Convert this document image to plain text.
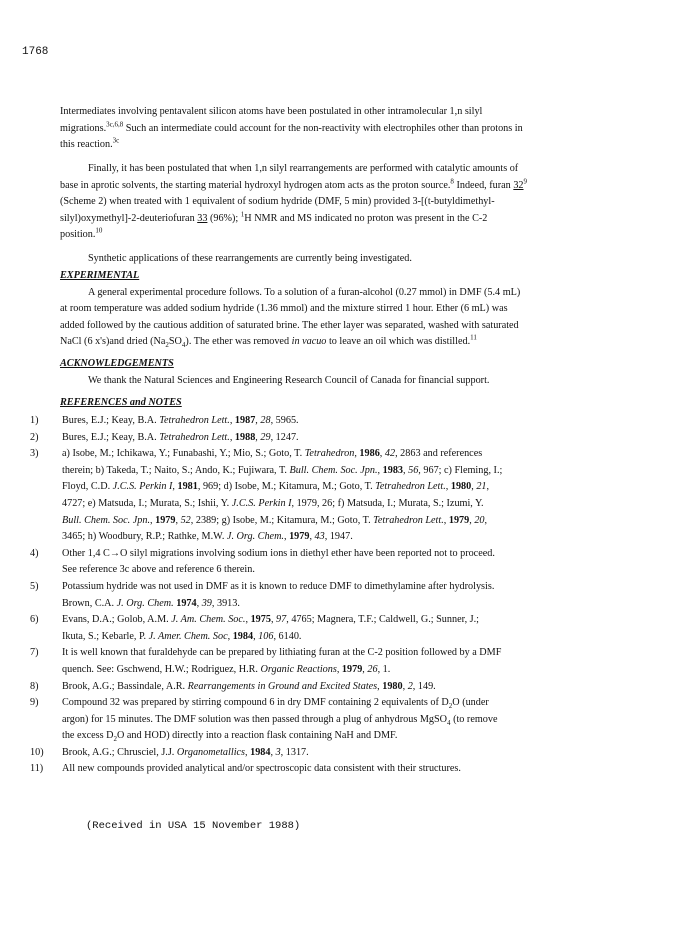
1768

Intermediates involving pentavalent silicon atoms have been postulated in other intramolecular 1,n silyl

migrations.$^{3c,6,8}$ Such an intermediate could account for the non-reactivity with electrophiles other than protons in

this reaction.$^{3c}$

Finally, it has been postulated that when 1,n silyl rearrangements are performed with catalytic amounts of

base in aprotic solvents, the starting material hydroxyl hydrogen atom acts as the proton source.$^8$ Indeed, furan $32^9$

(Scheme 2) when treated with 1 equivalent of sodium hydride (DMF, 5 min) provided 3-[(t-butyldimethyl-

silyl)oxymethyl]-2-deuteriofuran 33 (96%); $^1$H NMR and MS indicated no proton was present in the C-2

position.$^{10}$

Synthetic applications of these rearrangements are currently being investigated.

EXPERIMENTAL

A general experimental procedure follows. To a solution of a furan-alcohol (0.27 mmol) in DMF (5.4 mL)

at room temperature was added sodium hydride (1.36 mmol) and the mixture stirred 1 hour. Ether (6 mL) was

added followed by the cautious addition of saturated brine. The ether layer was separated, washed with saturated

NaCl (6 x's)and dried $(Na_2SO_4)$. The ether was removed in vacuo to leave an oil which was distilled.$^{11}$

ACKNOWLEDGEMENTS

We thank the Natural Sciences and Engineering Research Council of Canada for financial support.

REFERENCES and NOTES

1)	Bures, E.J.; Keay, B.A. Tetrahedron Lett., 1987, 28, 5965.
2)	Bures, E.J.; Keay, B.A. Tetrahedron Lett., 1988, 29, 1247.
3)	a) Isobe, M.; Ichikawa, Y.; Funabashi, Y.; Mio, S.; Goto, T. Tetrahedron, 1986, 42, 2863 and references
therein; b) Takeda, T.; Naito, S.; Ando, K.; Fujiwara, T. Bull. Chem. Soc. Jpn., 1983, 56, 967; c) Fleming, I.;
Floyd, C.D. J.C.S. Perkin I, 1981, 969; d) Isobe, M.; Kitamura, M.; Goto, T. Tetrahedron Lett., 1980, 21,
4727; e) Matsuda, I.; Murata, S.; Ishii, Y. J.C.S. Perkin I, 1979, 26; f) Matsuda, I.; Murata, S.; Izumi, Y.
Bull. Chem. Soc. Jpn., 1979, 52, 2389; g) Isobe, M.; Kitamura, M.; Goto, T. Tetrahedron Lett., 1979, 20,
3465; h) Woodbury, R.P.; Rathke, M.W. J. Org. Chem., 1979, 43, 1947.
4)	Other 1,4 C→O silyl migrations involving sodium ions in diethyl ether have been reported not to proceed.
See reference 3c above and reference 6 therein.
5)	Potassium hydride was not used in DMF as it is known to reduce DMF to dimethylamine after hydrolysis.
Brown, C.A. J. Org. Chem. 1974, 39, 3913.
6)	Evans, D.A.; Golob, A.M. J. Am. Chem. Soc., 1975, 97, 4765; Magnera, T.F.; Caldwell, G.; Sunner, J.;
Ikuta, S.; Kebarle, P. J. Amer. Chem. Soc, 1984, 106, 6140.
7)	It is well known that furaldehyde can be prepared by lithiating furan at the C-2 position followed by a DMF
quench. See: Gschwend, H.W.; Rodriguez, H.R. Organic Reactions, 1979, 26, 1.
8)	Brook, A.G.; Bassindale, A.R. Rearrangements in Ground and Excited States, 1980, 2, 149.
9)	Compound 32 was prepared by stirring compound 6 in dry DMF containing 2 equivalents of $D_2O$ (under
argon) for 15 minutes. The DMF solution was then passed through a plug of anhydrous MgSO$_4$ (to remove
the excess $D_2O$ and HOD) directly into a reaction flask containing NaH and DMF.
10)	Brook, A.G.; Chrusciel, J.J. Organometallics, 1984, 3, 1317.
11)	All new compounds provided analytical and/or spectroscopic data consistent with their structures.
(Received in USA 15 November 1988)
